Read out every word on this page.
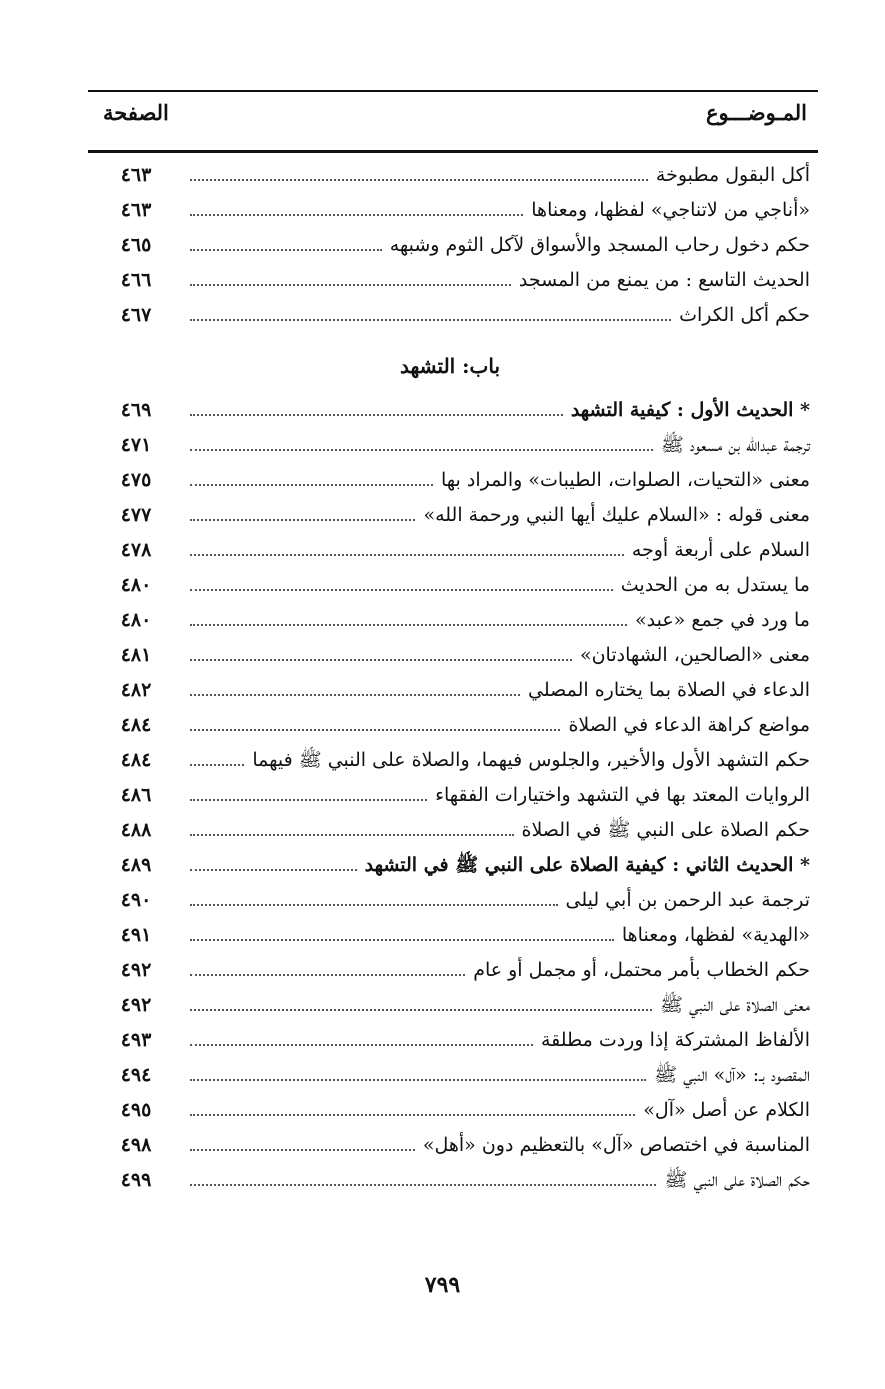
المـوضـــوع
الصفحة
أكل البقول مطبوخة
٤٦٣
«أناجي من لاتناجي» لفظها، ومعناها
٤٦٣
حكم دخول رحاب المسجد والأسواق لآكل الثوم وشبهه
٤٦٥
الحديث التاسع : من يمنع من المسجد
٤٦٦
حكم أكل الكراث
٤٦٧
باب: التشهد
* الحديث الأول : كيفية التشهد
٤٦٩
ترجمة عبدالله بن مسعود ﷺ
٤٧١
معنى «التحيات، الصلوات، الطيبات» والمراد بها
٤٧٥
معنى قوله : «السلام عليك أيها النبي ورحمة الله»
٤٧٧
السلام على أربعة أوجه
٤٧٨
ما يستدل به من الحديث
٤٨٠
ما ورد في جمع «عبد»
٤٨٠
معنى «الصالحين، الشهادتان»
٤٨١
الدعاء في الصلاة بما يختاره المصلي
٤٨٢
مواضع كراهة الدعاء في الصلاة
٤٨٤
حكم التشهد الأول والأخير، والجلوس فيهما، والصلاة على النبي ﷺ فيهما
٤٨٤
الروايات المعتد بها في التشهد واختيارات الفقهاء
٤٨٦
حكم الصلاة على النبي ﷺ في الصلاة
٤٨٨
* الحديث الثاني : كيفية الصلاة على النبي ﷺ في التشهد
٤٨٩
ترجمة عبد الرحمن بن أبي ليلى
٤٩٠
«الهدية» لفظها، ومعناها
٤٩١
حكم الخطاب بأمر محتمل، أو مجمل أو عام
٤٩٢
معنى الصلاة على النبي ﷺ
٤٩٢
الألفاظ المشتركة إذا وردت مطلقة
٤٩٣
المقصود بـ: «آل» النبي ﷺ
٤٩٤
الكلام عن أصل «آل»
٤٩٥
المناسبة في اختصاص «آل» بالتعظيم دون «أهل»
٤٩٨
حكم الصلاة على النبي ﷺ
٤٩٩
٧٩٩
